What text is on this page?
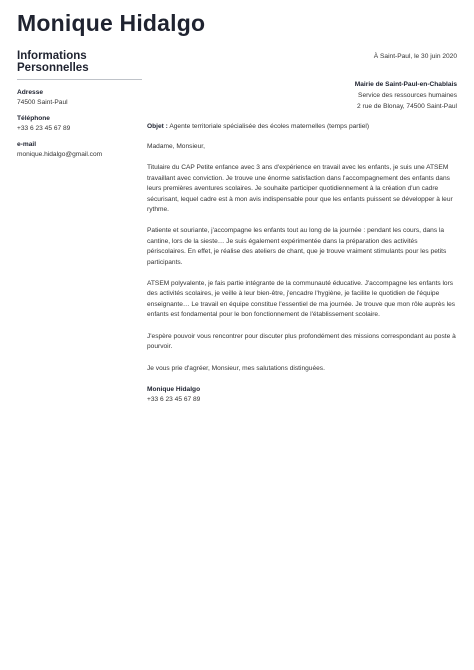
Monique Hidalgo
Informations Personnelles
Adresse
74500 Saint-Paul
Téléphone
+33 6 23 45 67 89
e-mail
monique.hidalgo@gmail.com
À Saint-Paul, le 30 juin 2020
Mairie de Saint-Paul-en-Chablais
Service des ressources humaines
2 rue de Blonay, 74500 Saint-Paul
Objet : Agente territoriale spécialisée des écoles maternelles (temps partiel)

Madame, Monsieur,

Titulaire du CAP Petite enfance avec 3 ans d'expérience en travail avec les enfants, je suis une ATSEM travaillant avec conviction. Je trouve une énorme satisfaction dans l'accompagnement des enfants dans leurs premières aventures scolaires. Je souhaite participer quotidiennement à la création d'un cadre sécurisant, lequel cadre est à mon avis indispensable pour que les enfants puissent se développer à leur rythme.

Patiente et souriante, j'accompagne les enfants tout au long de la journée : pendant les cours, dans la cantine, lors de la sieste… Je suis également expérimentée dans la préparation des activités périscolaires. En effet, je réalise des ateliers de chant, que je trouve vraiment stimulants pour les petits participants.

ATSEM polyvalente, je fais partie intégrante de la communauté éducative. J'accompagne les enfants lors des activités scolaires, je veille à leur bien-être, j'encadre l'hygiène, je facilite le quotidien de l'équipe enseignante… Le travail en équipe constitue l'essentiel de ma journée. Je trouve que mon rôle auprès les enfants est fondamental pour le bon fonctionnement de l'établissement scolaire.

J'espère pouvoir vous rencontrer pour discuter plus profondément des missions correspondant au poste à pourvoir.

Je vous prie d'agréer, Monsieur, mes salutations distinguées.

Monique Hidalgo
+33 6 23 45 67 89
